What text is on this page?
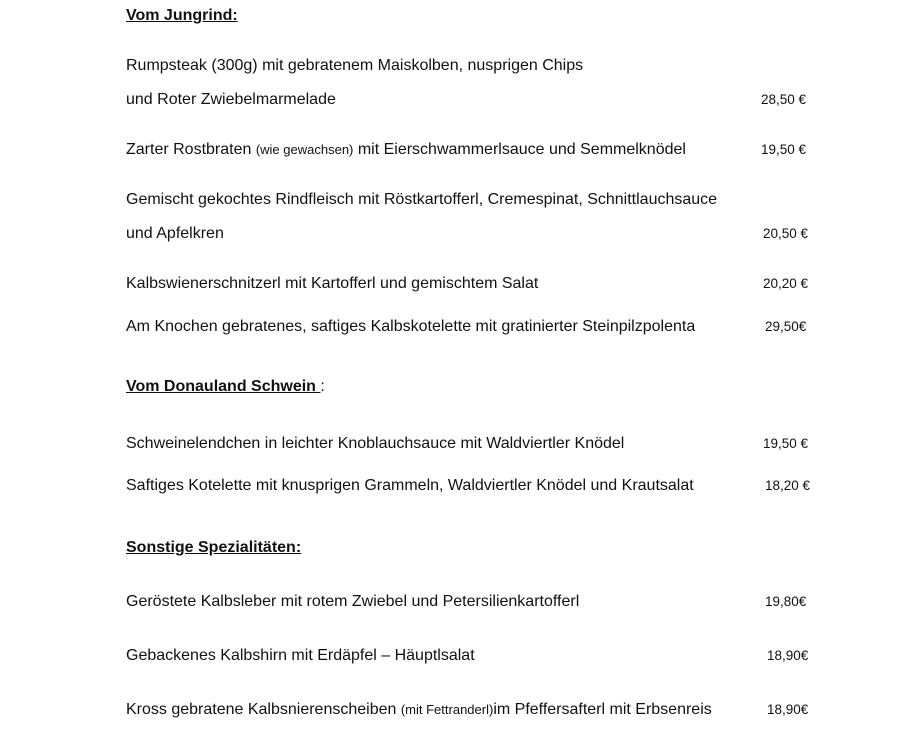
Vom Jungrind:
Rumpsteak (300g) mit gebratenem Maiskolben, nusprigen Chips
und Roter Zwiebelmarmelade	28,50 €
Zarter Rostbraten (wie gewachsen) mit Eierschwammerlsauce und Semmelknödel	19,50 €
Gemischt gekochtes Rindfleisch mit Röstkartofferl, Cremespinat, Schnittlauchsauce
und Apfelkren	20,50 €
Kalbswienerschnitzerl mit Kartofferl und gemischtem Salat	20,20 €
Am Knochen gebratenes, saftiges Kalbskotelette mit gratinierter Steinpilzpolenta	29,50€
Vom Donauland Schwein :
Schweinelendchen in leichter Knoblauchsauce mit Waldviertler Knödel	19,50 €
Saftiges Kotelette mit knusprigen Grammeln, Waldviertler Knödel und Krautsalat	18,20 €
Sonstige Spezialitäten:
Geröstete Kalbsleber mit rotem Zwiebel und Petersilienkartofferl	19,80€
Gebackenes Kalbshirn mit Erdäpfel – Häuptlsalat	18,90€
Kross gebratene Kalbsnierenscheiben (mit Fettranderl)im Pfeffersafterl mit Erbsenreis	18,90€
